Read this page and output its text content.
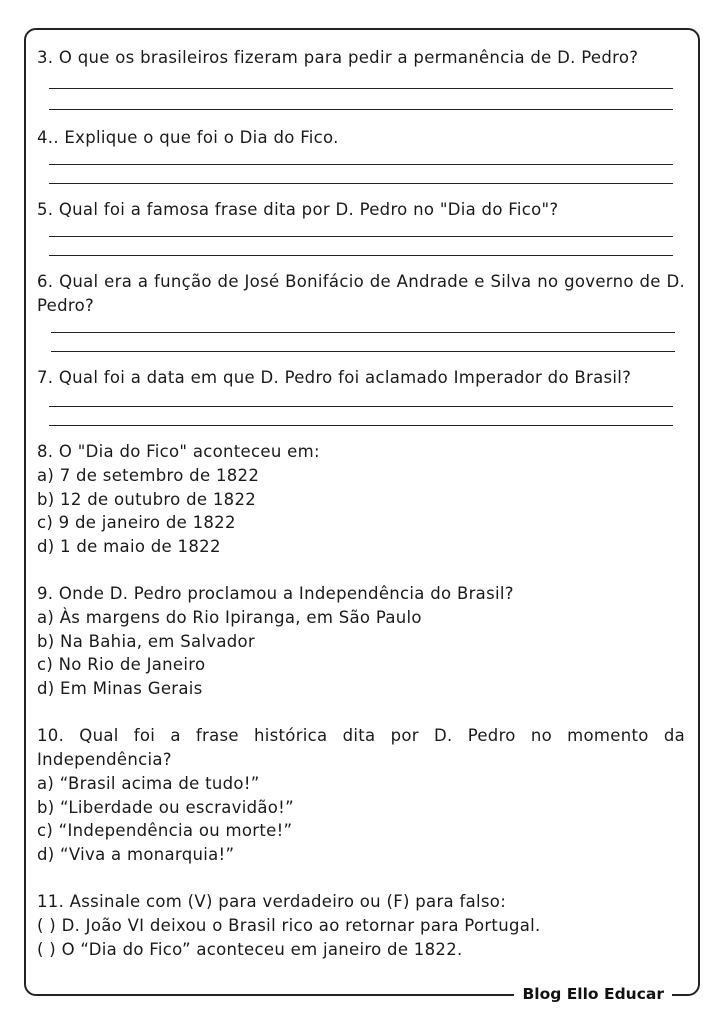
3. O que os brasileiros fizeram para pedir a permanência de D. Pedro?
4.. Explique o que foi o Dia do Fico.
5. Qual foi a famosa frase dita por D. Pedro no "Dia do Fico"?
6. Qual era a função de José Bonifácio de Andrade e Silva no governo de D. Pedro?
7. Qual foi a data em que D. Pedro foi aclamado Imperador do Brasil?
8. O "Dia do Fico" aconteceu em:
a) 7 de setembro de 1822
b) 12 de outubro de 1822
c) 9 de janeiro de 1822
d) 1 de maio de 1822
9. Onde D. Pedro proclamou a Independência do Brasil?
a) Às margens do Rio Ipiranga, em São Paulo
b) Na Bahia, em Salvador
c) No Rio de Janeiro
d) Em Minas Gerais
10. Qual foi a frase histórica dita por D. Pedro no momento da Independência?
a) “Brasil acima de tudo!”
b) “Liberdade ou escravidão!”
c) “Independência ou morte!”
d) “Viva a monarquia!”
11. Assinale com (V) para verdadeiro ou (F) para falso:
( ) D. João VI deixou o Brasil rico ao retornar para Portugal.
( ) O “Dia do Fico” aconteceu em janeiro de 1822.
Blog Ello Educar
